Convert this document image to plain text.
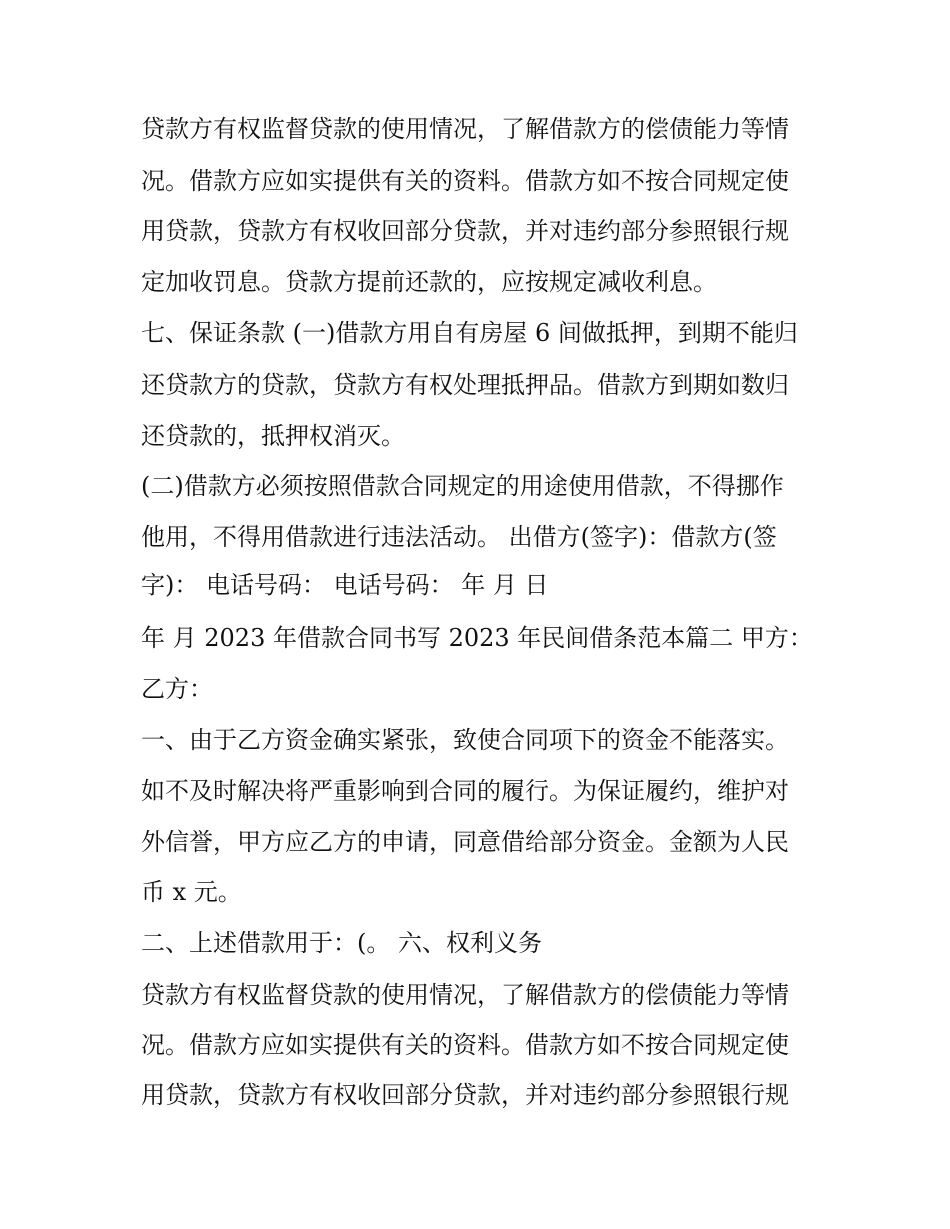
贷款方有权监督贷款的使用情况，了解借款方的偿债能力等情
况。借款方应如实提供有关的资料。借款方如不按合同规定使
用贷款，贷款方有权收回部分贷款，并对违约部分参照银行规
定加收罚息。贷款方提前还款的，应按规定减收利息。
七、保证条款 (一)借款方用自有房屋 6 间做抵押，到期不能归
还贷款方的贷款，贷款方有权处理抵押品。借款方到期如数归
还贷款的，抵押权消灭。
(二)借款方必须按照借款合同规定的用途使用借款，不得挪作
他用，不得用借款进行违法活动。 出借方(签字)：借款方(签
字)： 电话号码： 电话号码： 年 月 日
年 月 2023 年借款合同书写 2023 年民间借条范本篇二 甲方：
乙方：
一、由于乙方资金确实紧张，致使合同项下的资金不能落实。
如不及时解决将严重影响到合同的履行。为保证履约，维护对
外信誉，甲方应乙方的申请，同意借给部分资金。金额为人民
币 x 元。
二、上述借款用于：(。 六、权利义务
贷款方有权监督贷款的使用情况，了解借款方的偿债能力等情
况。借款方应如实提供有关的资料。借款方如不按合同规定使
用贷款，贷款方有权收回部分贷款，并对违约部分参照银行规
